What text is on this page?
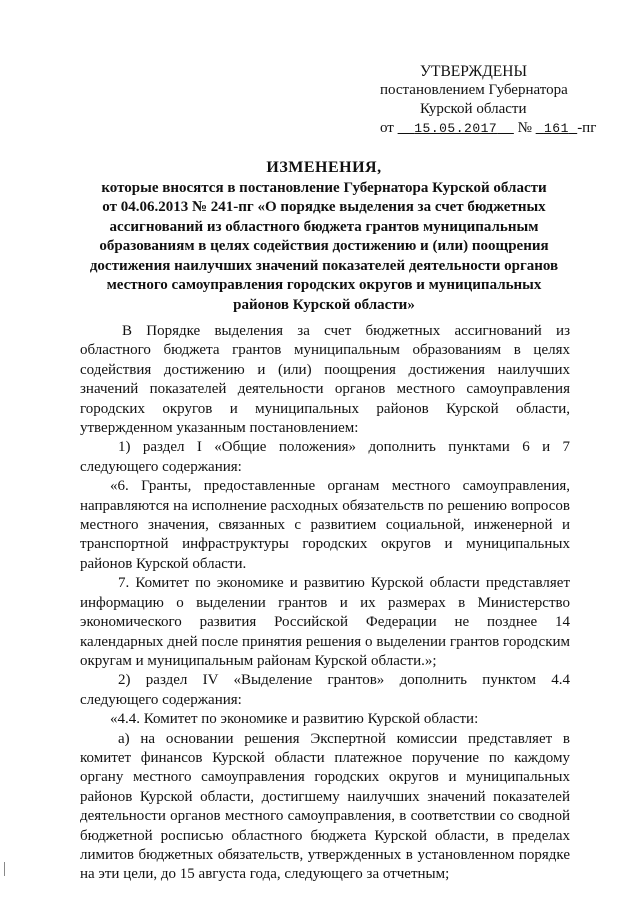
УТВЕРЖДЕНЫ
постановлением Губернатора
Курской области
от 15.05.2017 № 161 -пг
ИЗМЕНЕНИЯ,
которые вносятся в постановление Губернатора Курской области
от 04.06.2013 № 241-пг «О порядке выделения за счет бюджетных
ассигнований из областного бюджета грантов муниципальным
образованиям в целях содействия достижению и (или) поощрения
достижения наилучших значений показателей деятельности органов
местного самоуправления городских округов и муниципальных
районов Курской области»

В Порядке выделения за счет бюджетных ассигнований из областного бюджета грантов муниципальным образованиям в целях содействия достижению и (или) поощрения достижения наилучших значений показателей деятельности органов местного самоуправления городских округов и муниципальных районов Курской области, утвержденном указанным постановлением:

1) раздел I «Общие положения» дополнить пунктами 6 и 7 следующего содержания:

«6. Гранты, предоставленные органам местного самоуправления, направляются на исполнение расходных обязательств по решению вопросов местного значения, связанных с развитием социальной, инженерной и транспортной инфраструктуры городских округов и муниципальных районов Курской области.

7. Комитет по экономике и развитию Курской области представляет информацию о выделении грантов и их размерах в Министерство экономического развития Российской Федерации не позднее 14 календарных дней после принятия решения о выделении грантов городским округам и муниципальным районам Курской области.»;

2) раздел IV «Выделение грантов» дополнить пунктом 4.4 следующего содержания:

«4.4. Комитет по экономике и развитию Курской области:

а) на основании решения Экспертной комиссии представляет в комитет финансов Курской области платежное поручение по каждому органу местного самоуправления городских округов и муниципальных районов Курской области, достигшему наилучших значений показателей деятельности органов местного самоуправления, в соответствии со сводной бюджетной росписью областного бюджета Курской области, в пределах лимитов бюджетных обязательств, утвержденных в установленном порядке на эти цели, до 15 августа года, следующего за отчетным;
